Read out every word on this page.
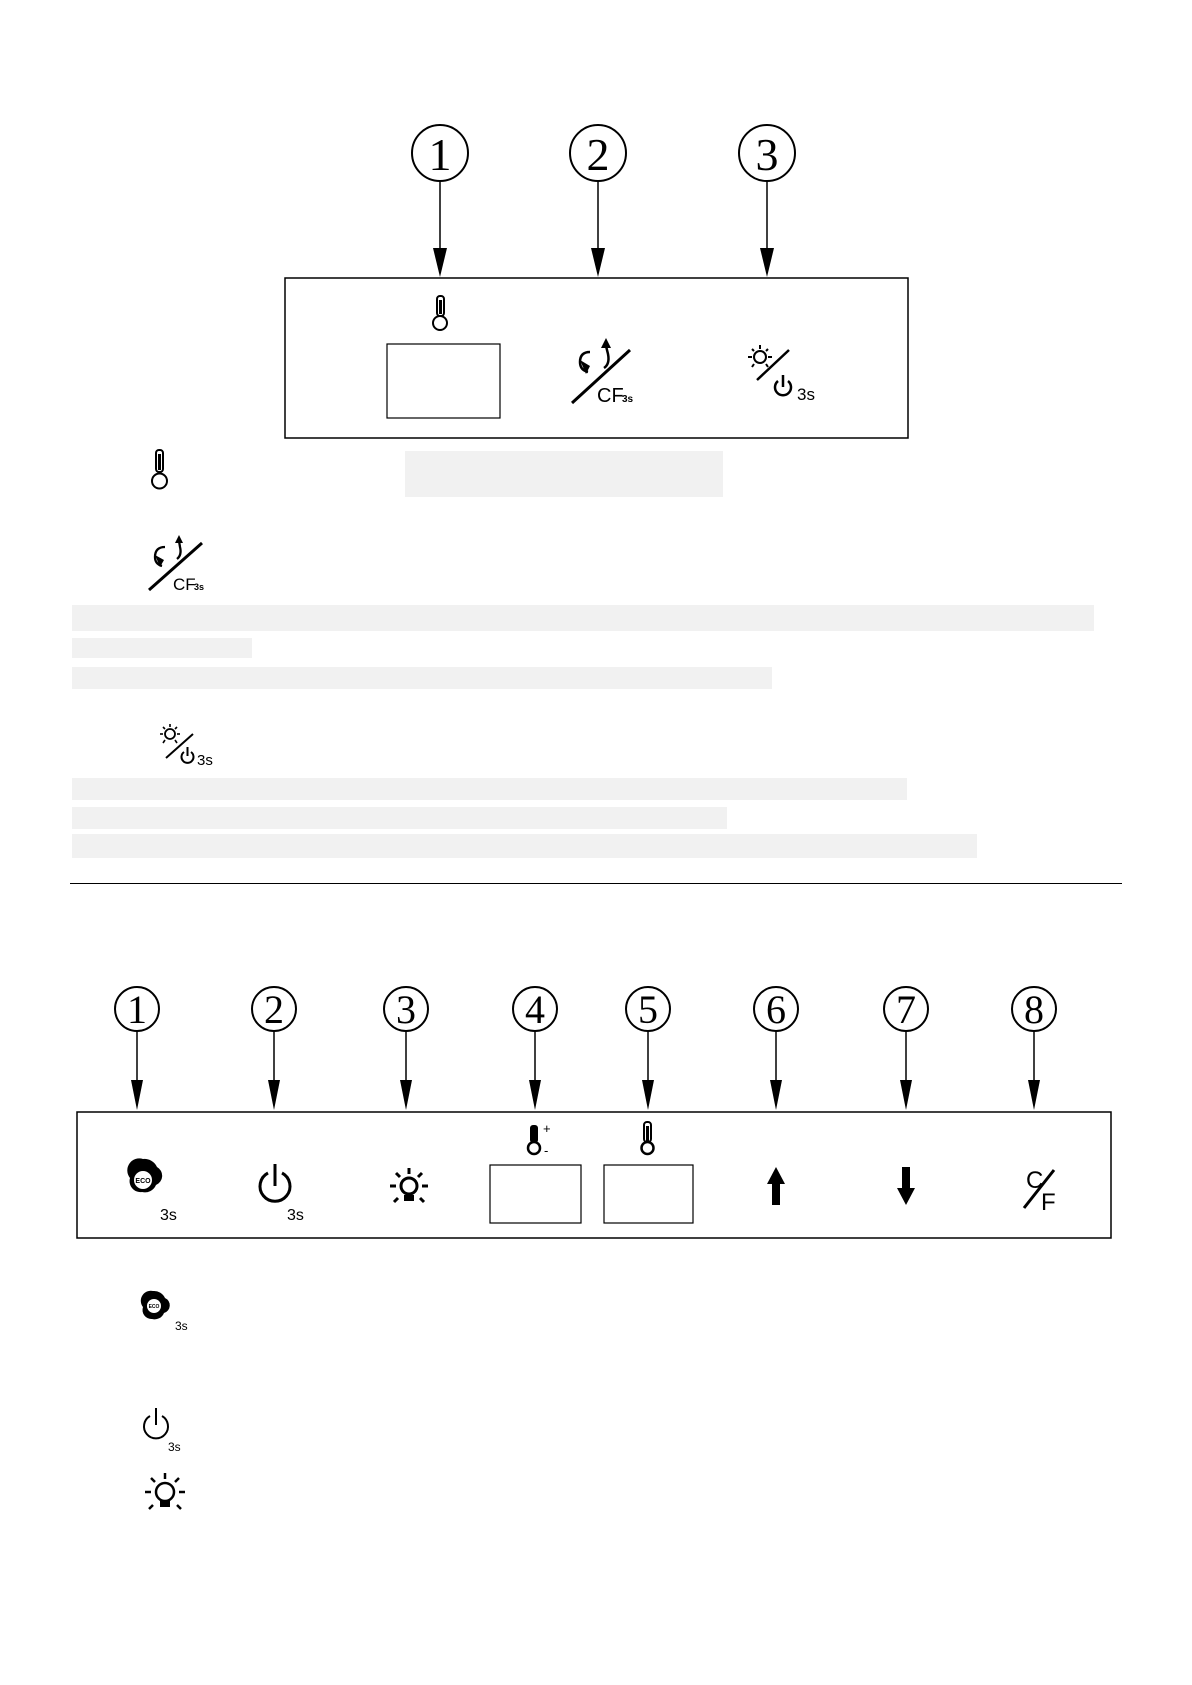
1	2	3
CF
3s	3s
CF
3s
3s
1	2	3	4 5	6	7	8
ECO
3s	3s
+
-
C
F
ECO
3s
3s
